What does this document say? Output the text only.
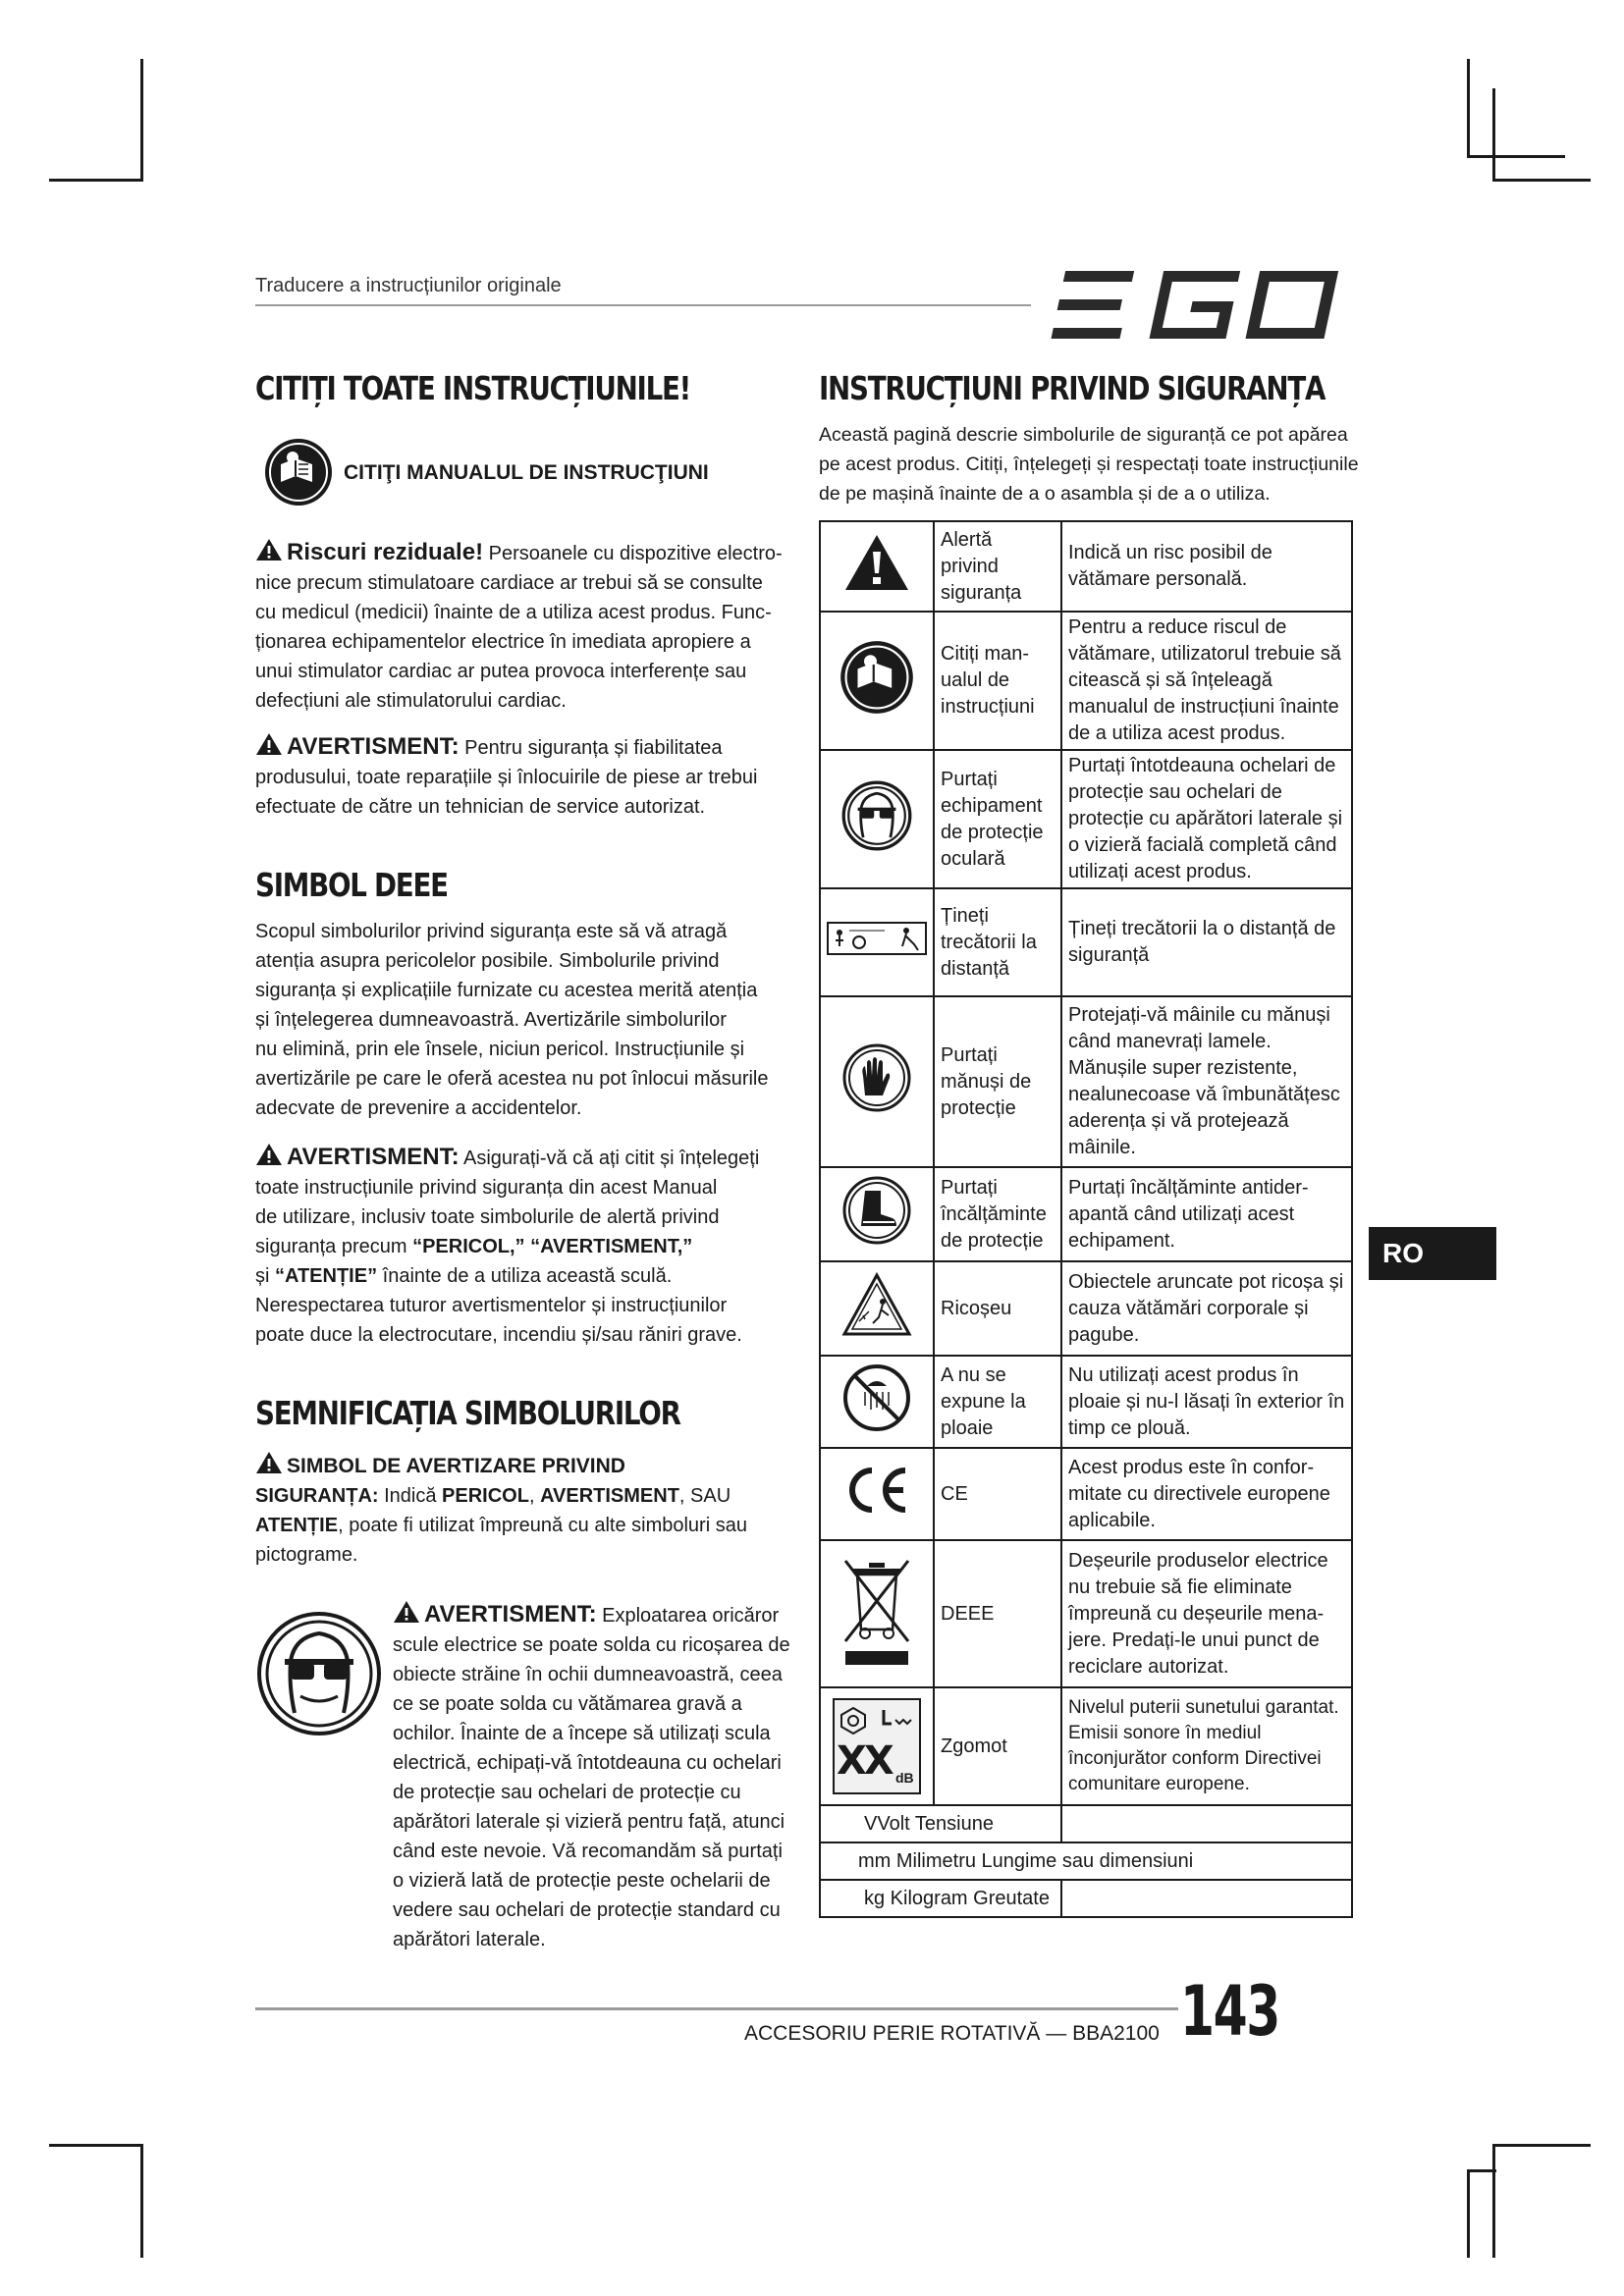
Traducere a instrucțiunilor originale
EGO
CITIȚI TOATE INSTRUCȚIUNILE!
CITIŢI MANUALUL DE INSTRUCŢIUNI
Riscuri reziduale! Persoanele cu dispozitive electro-
nice precum stimulatoare cardiace ar trebui să se consulte
cu medicul (medicii) înainte de a utiliza acest produs. Func-
ționarea echipamentelor electrice în imediata apropiere a
unui stimulator cardiac ar putea provoca interferențe sau
defecțiuni ale stimulatorului cardiac.
AVERTISMENT: Pentru siguranța și fiabilitatea
produsului, toate reparațiile și înlocuirile de piese ar trebui
efectuate de către un tehnician de service autorizat.
SIMBOL DEEE
Scopul simbolurilor privind siguranța este să vă atragă
atenția asupra pericolelor posibile. Simbolurile privind
siguranța și explicațiile furnizate cu acestea merită atenția
și înțelegerea dumneavoastră. Avertizările simbolurilor
nu elimină, prin ele însele, niciun pericol. Instrucțiunile și
avertizările pe care le oferă acestea nu pot înlocui măsurile
adecvate de prevenire a accidentelor.
AVERTISMENT: Asigurați-vă că ați citit și înțelegeți
toate instrucțiunile privind siguranța din acest Manual
de utilizare, inclusiv toate simbolurile de alertă privind
siguranța precum “PERICOL,” “AVERTISMENT,”
și “ATENȚIE” înainte de a utiliza această sculă.
Nerespectarea tuturor avertismentelor și instrucțiunilor
poate duce la electrocutare, incendiu și/sau răniri grave.
SEMNIFICAȚIA SIMBOLURILOR
SIMBOL DE AVERTIZARE PRIVIND
SIGURANȚA: Indică PERICOL, AVERTISMENT, SAU
ATENȚIE, poate fi utilizat împreună cu alte simboluri sau
pictograme.
AVERTISMENT: Exploatarea oricăror
scule electrice se poate solda cu ricoșarea de
obiecte străine în ochii dumneavoastră, ceea
ce se poate solda cu vătămarea gravă a
ochilor. Înainte de a începe să utilizați scula
electrică, echipați-vă întotdeauna cu ochelari
de protecție sau ochelari de protecție cu
apărători laterale și vizieră pentru față, atunci
când este nevoie. Vă recomandăm să purtați
o vizieră lată de protecție peste ochelarii de
vedere sau ochelari de protecție standard cu
apărători laterale.
INSTRUCȚIUNI PRIVIND SIGURANȚA
Această pagină descrie simbolurile de siguranță ce pot apărea
pe acest produs. Citiți, înțelegeți și respectați toate instrucțiunile
de pe mașină înainte de a o asambla și de a o utiliza.
	Alertă privind siguranța	Indică un risc posibil de vătămare personală.
	Citiți man- ualul de instrucțiuni	Pentru a reduce riscul de vătămare, utilizatorul trebuie să citească și să înțeleagă manualul de instrucțiuni înainte de a utiliza acest produs.
	Purtați echipament de protecție oculară	Purtați întotdeauna ochelari de protecție sau ochelari de protecție cu apărători laterale și o vizieră facială completă când utilizați acest produs.
	Țineți trecătorii la distanță	Țineți trecătorii la o distanță de siguranță
	Purtați mănuși de protecție	Protejați-vă mâinile cu mănuși când manevrați lamele. Mănușile super rezistente, nealunecoase vă îmbunătățesc aderența și vă protejează mâinile.
	Purtați încălțăminte de protecție	Purtați încălțăminte antider- apantă când utilizați acest echipament.
	Ricoșeu	Obiectele aruncate pot ricoșa și cauza vătămări corporale și pagube.
	A nu se expune la ploaie	Nu utilizați acest produs în ploaie și nu-l lăsați în exterior în timp ce plouă.
	CE	Acest produs este în confor- mitate cu directivele europene aplicabile.
	DEEE	Deșeurile produselor electrice nu trebuie să fie eliminate împreună cu deșeurile mena- jere. Predați-le unui punct de reciclare autorizat.

XX dB	Zgomot	Nivelul puterii sunetului garantat. Emisii sonore în mediul înconjurător conform Directivei comunitare europene.
VVolt Tensiune		
mm Milimetru Lungime sau dimensiuni		
kg Kilogram Greutate		
RO
ACCESORIU PERIE ROTATIVĂ — BBA2100 143
